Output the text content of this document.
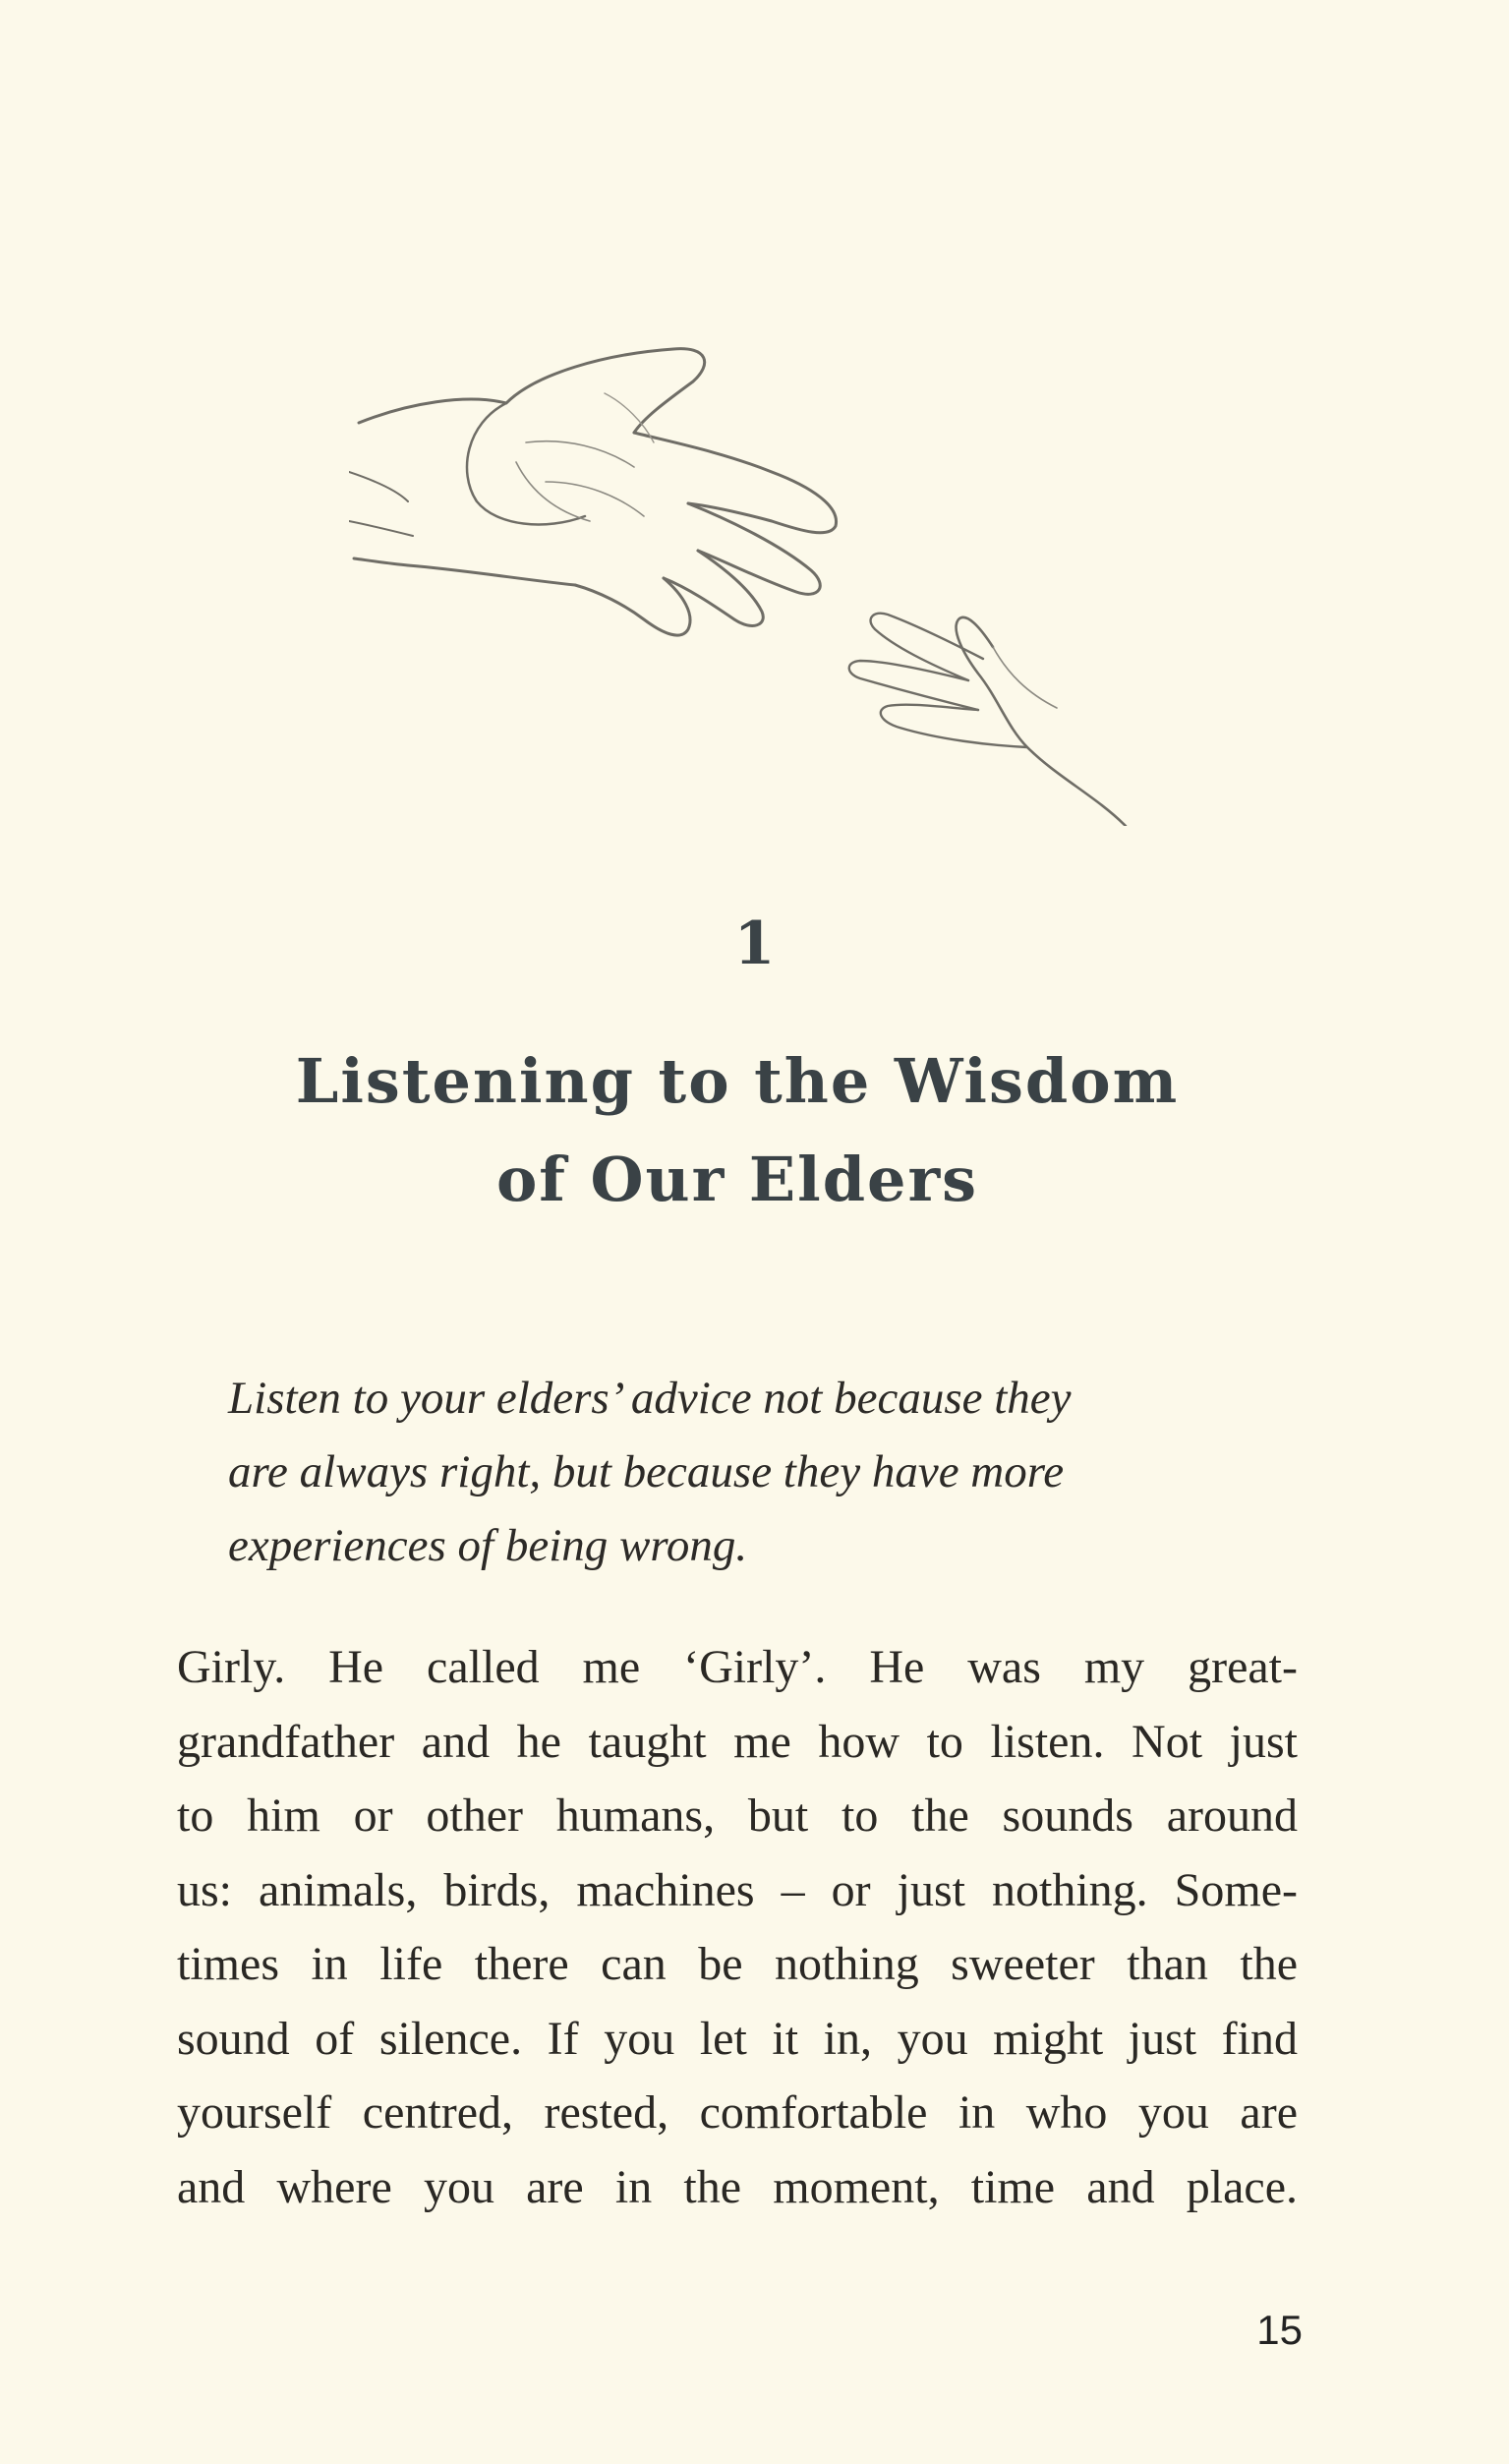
1
Listening to the Wisdom
of Our Elders
Listen to your elders’ advice not because they
are always right, but because they have more
experiences of being wrong.
Girly. He called me ‘Girly’. He was my great-
grandfather and he taught me how to listen. Not just
to him or other humans, but to the sounds around
us: animals, birds, machines – or just nothing. Some-
times in life there can be nothing sweeter than the
sound of silence. If you let it in, you might just find
yourself centred, rested, comfortable in who you are
and where you are in the moment, time and place.
15
